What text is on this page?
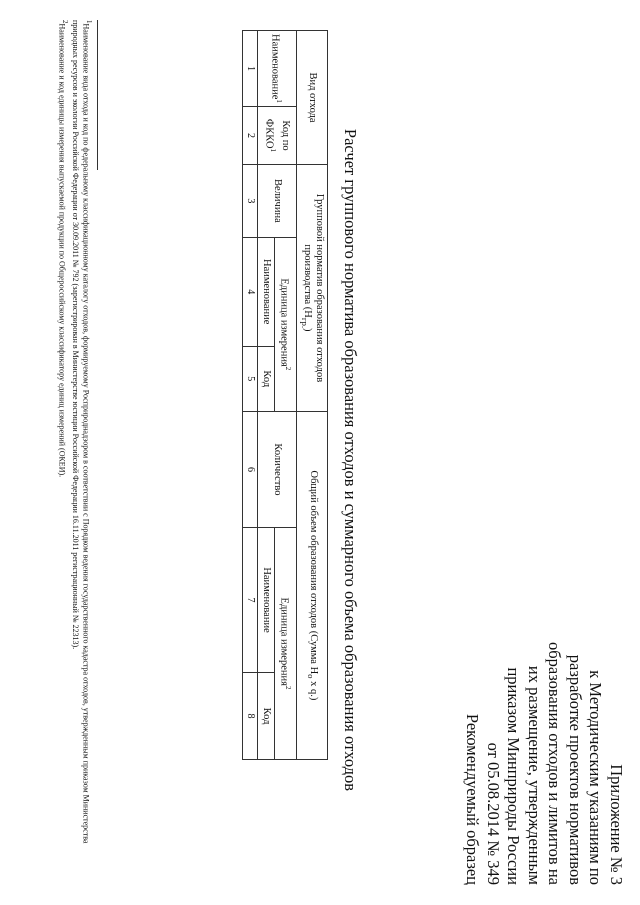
Приложение № 3
к Методическим указаниям по
разработке проектов нормативов
образования отходов и лимитов на
их размещение, утвержденным
приказом Минприроды России
от 05.08.2014 № 349
Рекомендуемый образец
Расчет группового норматива образования отходов и суммарного объема образования отходов
Вид отхода		Групповой норматив образования отходов производства $(Н_{гр.})$			Общий объем образования отходов (Сумма $Н_о$ x q.)		
Наименование$^1$	Код по ФККО$^1$	Величина	Единица измерения$^2$		Количество	Единица измерения$^2$
			Наименование	Код		Наименование	Код
1	2	3	4	5	6	7	8

$^1$Наименование вида отхода и код по федеральному классификационному каталогу отходов, формируемому Росприроднадзором в соответствии с Порядком ведения государственного кадастра отходов, утвержденным приказом Министерства природных ресурсов и экологии Российской Федерации от 30.09.2011 № 792 (зарегистрирован в Министерстве юстиции Российской Федерации 16.11.2011 регистрационный № 22313).

$^2$Наименование и код единицы измерения выпускаемой продукции по Общероссийскому классификатору единиц измерений (ОКЕИ).
